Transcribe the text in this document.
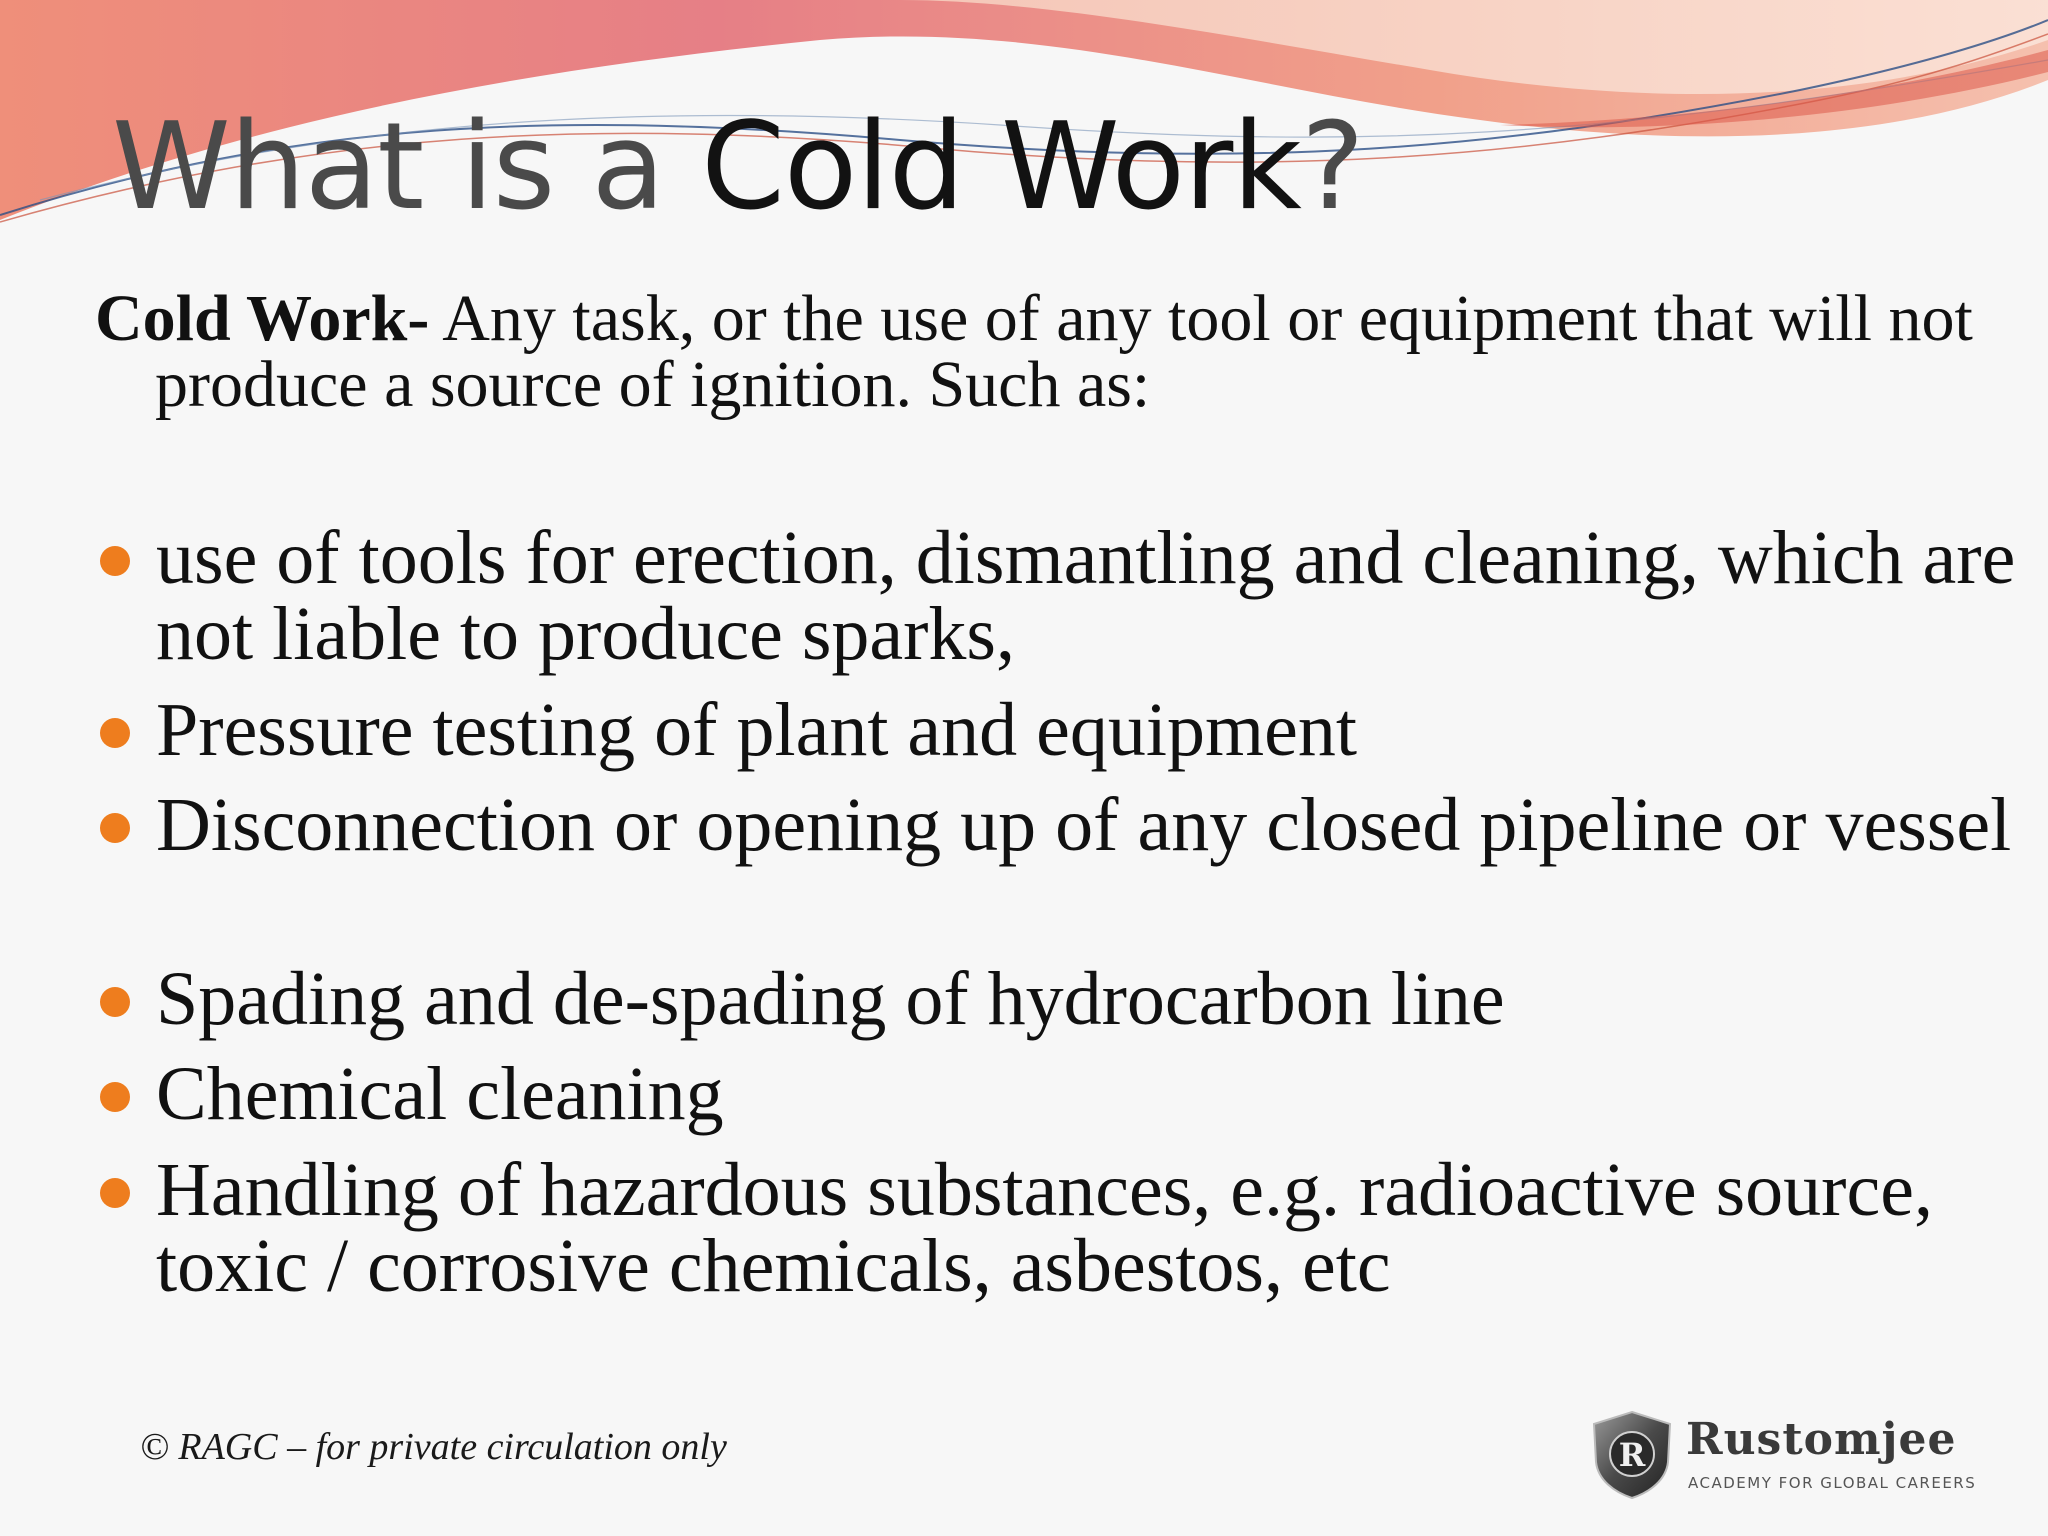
What is a Cold Work?
Cold Work- Any task, or the use of any tool or equipment that will not produce a source of ignition. Such as:
use of tools for erection, dismantling and cleaning, which are not liable to produce sparks,
Pressure testing of plant and equipment
Disconnection or opening up of any closed pipeline or vessel
Spading and de-spading of hydrocarbon line
Chemical cleaning
Handling of hazardous substances, e.g. radioactive source, toxic / corrosive chemicals, asbestos, etc
© RAGC – for private circulation only	R Rustomjee
ACADEMY FOR GLOBAL CAREERS
